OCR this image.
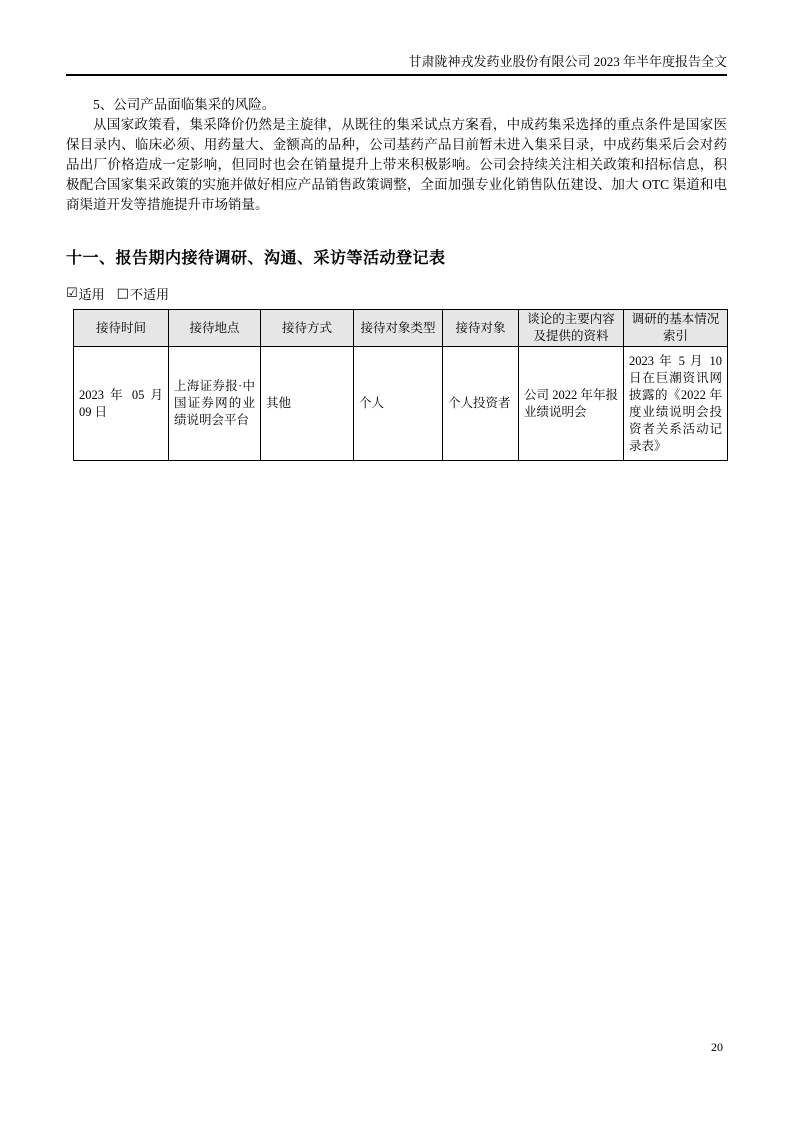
甘肃陇神戎发药业股份有限公司 2023 年半年度报告全文

5、公司产品面临集采的风险。

从国家政策看，集采降价仍然是主旋律，从既往的集采试点方案看，中成药集采选择的重点条件是国家医保目录内、临床必须、用药量大、金额高的品种，公司基药产品目前暂未进入集采目录，中成药集采后会对药品出厂价格造成一定影响，但同时也会在销量提升上带来积极影响。公司会持续关注相关政策和招标信息，积极配合国家集采政策的实施并做好相应产品销售政策调整，全面加强专业化销售队伍建设、加大 OTC 渠道和电商渠道开发等措施提升市场销量。

十一、报告期内接待调研、沟通、采访等活动登记表
☑ 适用 □ 不适用
接待时间	接待地点	接待方式	接待对象类型	接待对象	谈论的主要内容及提供的资料	调研的基本情况索引
2023 年 05 月 09 日	上海证券报·中国证券网的业绩说明会平台	其他	个人	个人投资者	公司 2022 年年报业绩说明会	2023 年 5 月 10 日在巨潮资讯网披露的《2022 年度业绩说明会投资者关系活动记录表》
20
